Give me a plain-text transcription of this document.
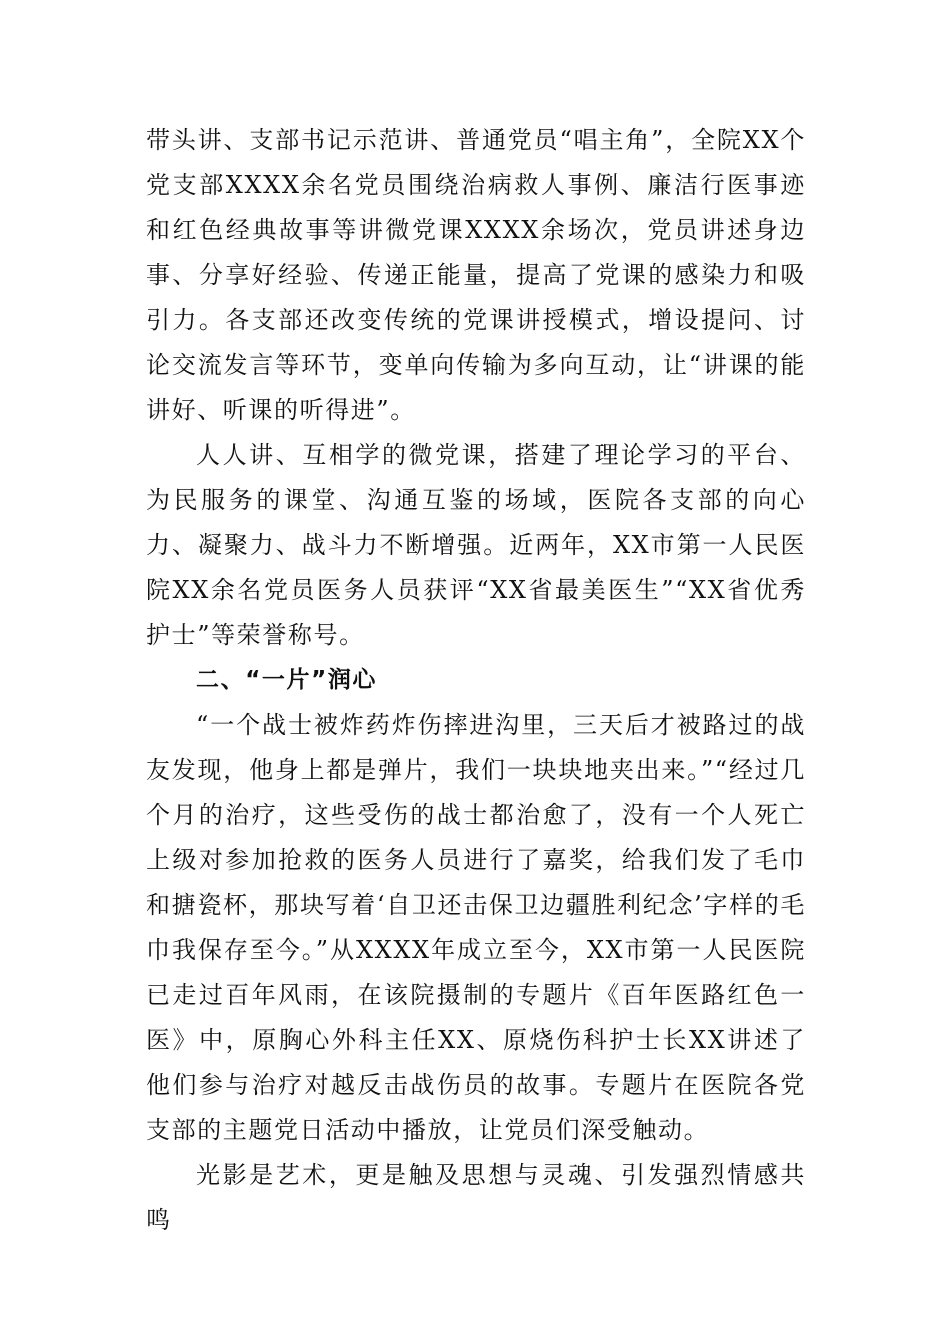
带头讲、支部书记示范讲、普通党员“唱主角”，全院XX个党支部XXXX余名党员围绕治病救人事例、廉洁行医事迹和红色经典故事等讲微党课XXXX余场次，党员讲述身边事、分享好经验、传递正能量，提高了党课的感染力和吸引力。各支部还改变传统的党课讲授模式，增设提问、讨论交流发言等环节，变单向传输为多向互动，让“讲课的能讲好、听课的听得进”。

人人讲、互相学的微党课，搭建了理论学习的平台、为民服务的课堂、沟通互鉴的场域，医院各支部的向心力、凝聚力、战斗力不断增强。近两年，XX市第一人民医院XX余名党员医务人员获评“XX省最美医生”“XX省优秀护士”等荣誉称号。

二、“一片”润心

“一个战士被炸药炸伤摔进沟里，三天后才被路过的战友发现，他身上都是弹片，我们一块块地夹出来。”“经过几个月的治疗，这些受伤的战士都治愈了，没有一个人死亡上级对参加抢救的医务人员进行了嘉奖，给我们发了毛巾和搪瓷杯，那块写着‘自卫还击保卫边疆胜利纪念’字样的毛巾我保存至今。”从XXXX年成立至今，XX市第一人民医院已走过百年风雨，在该院摄制的专题片《百年医路红色一医》中，原胸心外科主任XX、原烧伤科护士长XX讲述了他们参与治疗对越反击战伤员的故事。专题片在医院各党支部的主题党日活动中播放，让党员们深受触动。

光影是艺术，更是触及思想与灵魂、引发强烈情感共鸣
